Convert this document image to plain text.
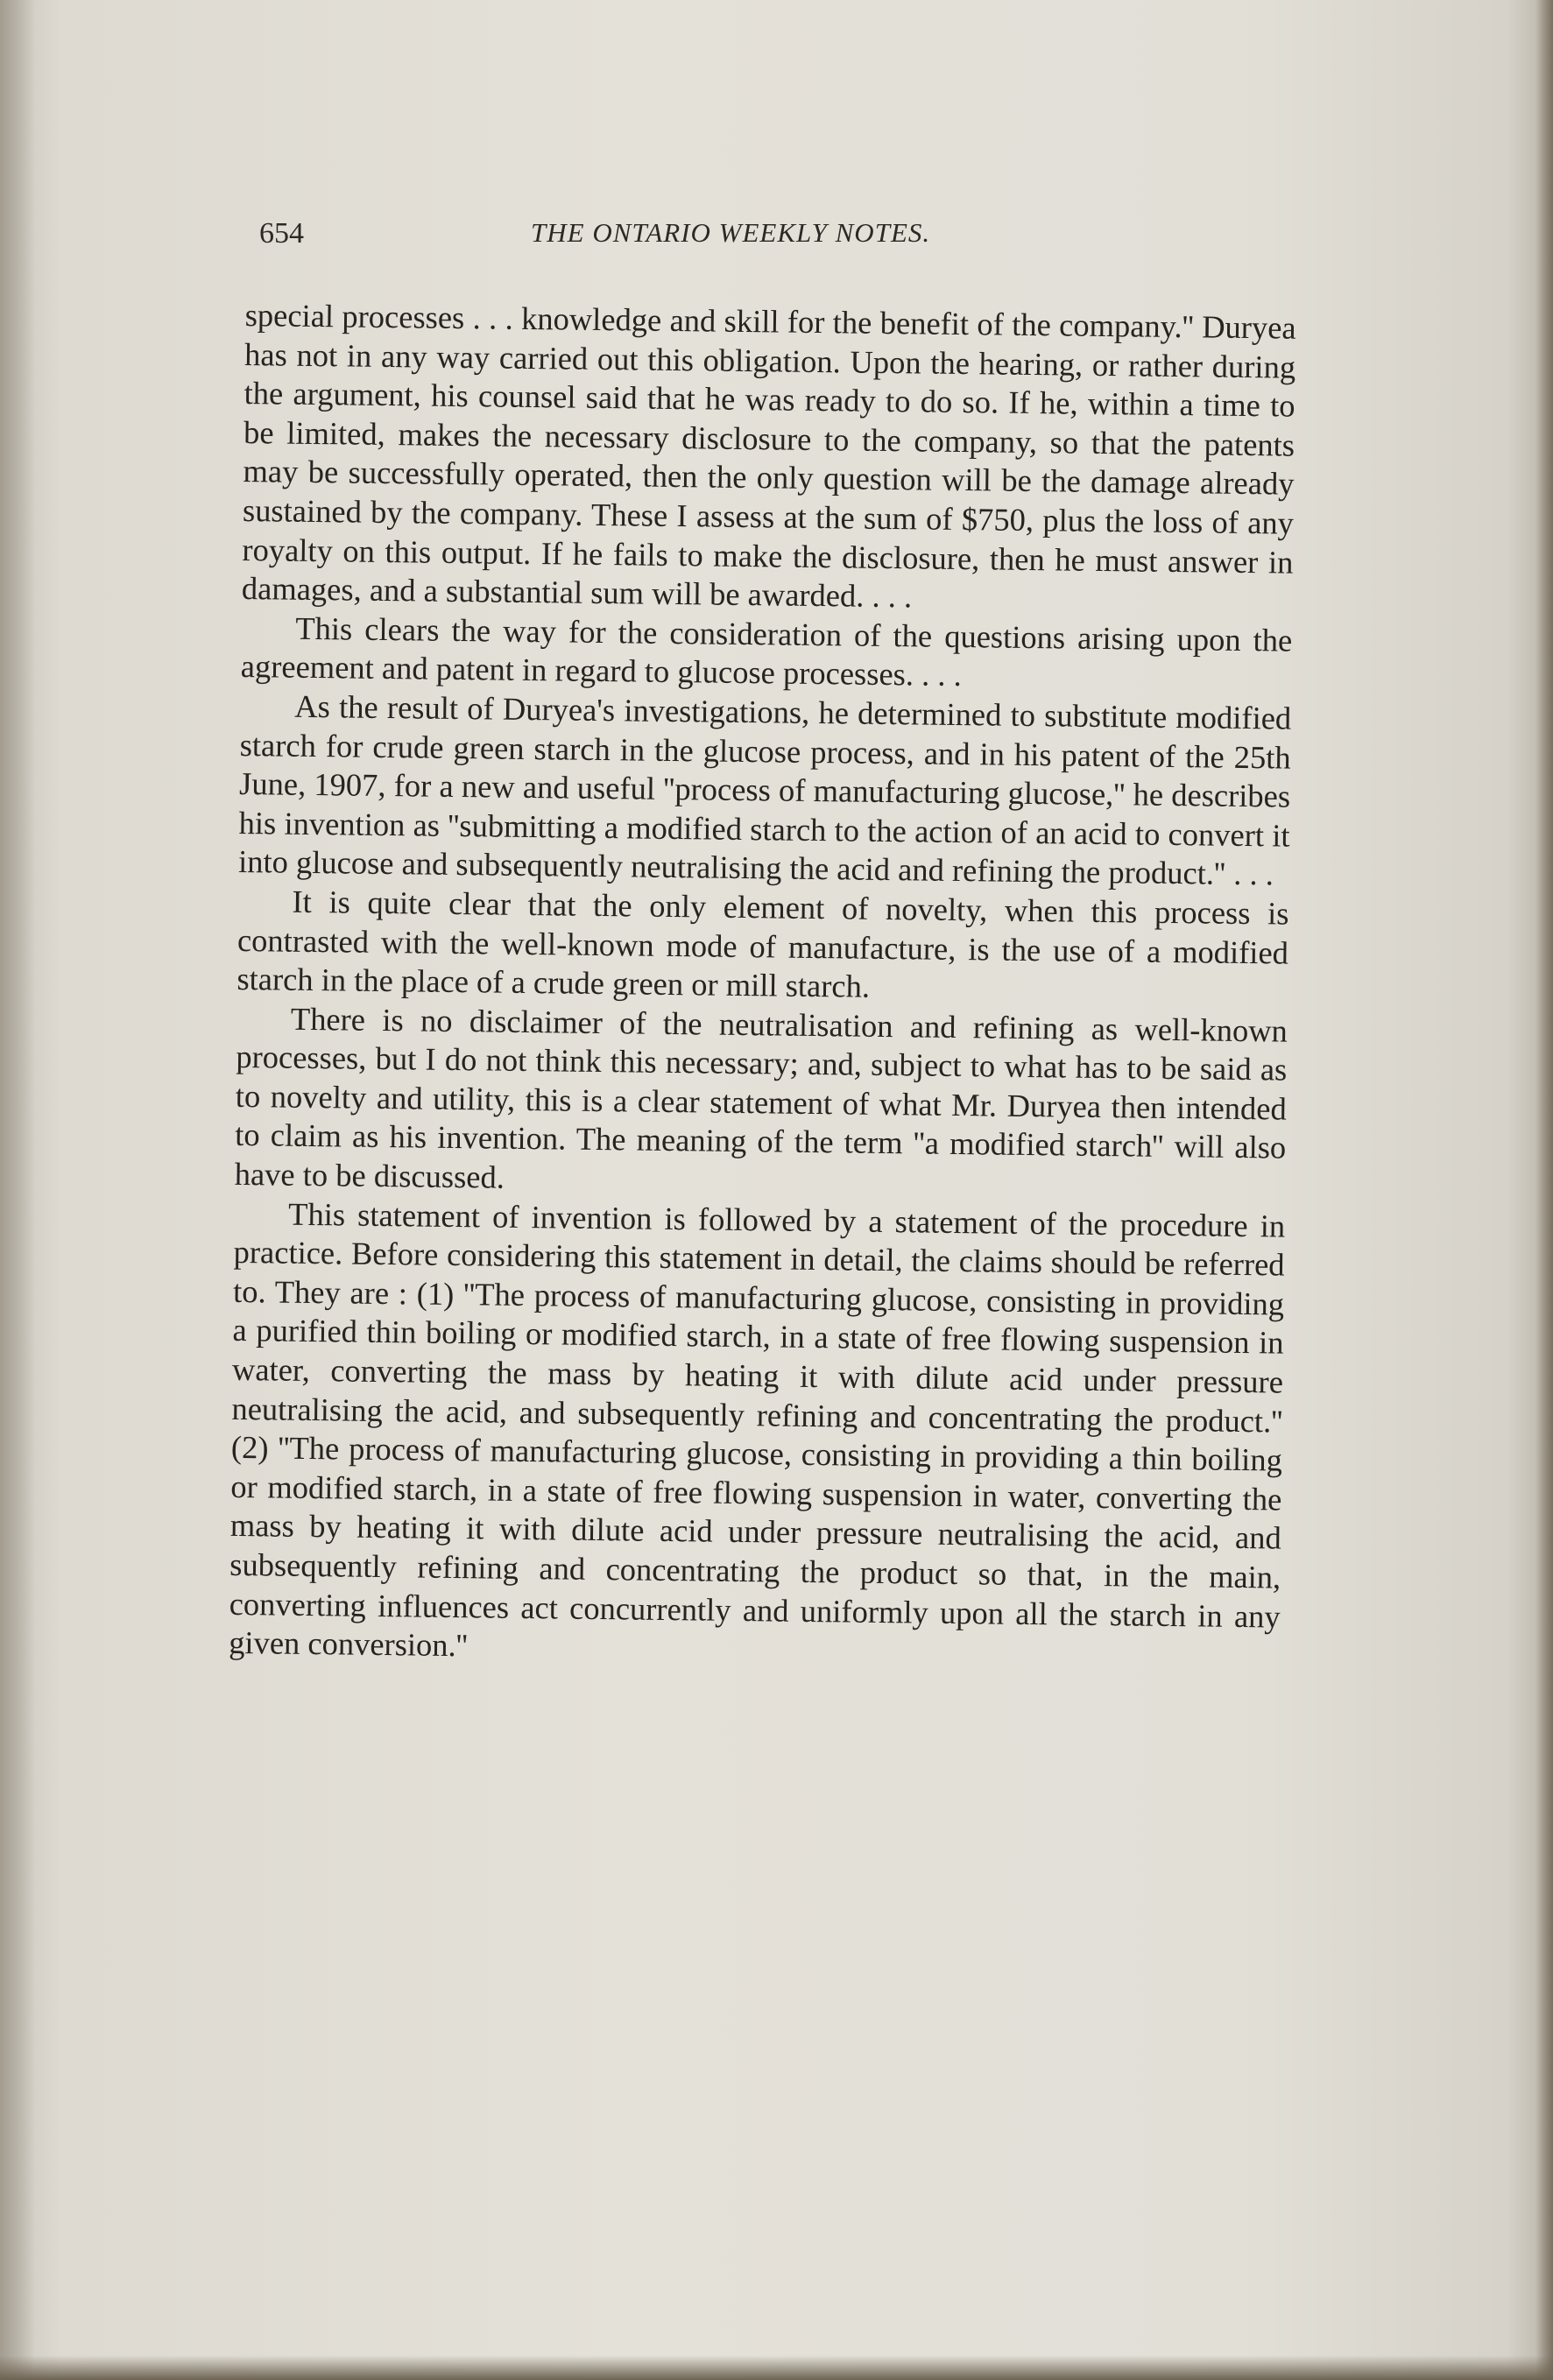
654	THE ONTARIO WEEKLY NOTES.

special processes . . . knowledge and skill for the benefit of the company.'' Duryea has not in any way carried out this obligation. Upon the hearing, or rather during the argument, his counsel said that he was ready to do so. If he, within a time to be limited, makes the necessary disclosure to the company, so that the patents may be successfully operated, then the only question will be the damage already sustained by the company. These I assess at the sum of $750, plus the loss of any royalty on this output. If he fails to make the disclosure, then he must answer in damages, and a substantial sum will be awarded. . . .

This clears the way for the consideration of the questions arising upon the agreement and patent in regard to glucose processes. . . .

As the result of Duryea's investigations, he determined to substitute modified starch for crude green starch in the glucose process, and in his patent of the 25th June, 1907, for a new and useful ''process of manufacturing glucose,'' he describes his invention as ''submitting a modified starch to the action of an acid to convert it into glucose and subsequently neutralising the acid and refining the product.'' . . .

It is quite clear that the only element of novelty, when this process is contrasted with the well-known mode of manufacture, is the use of a modified starch in the place of a crude green or mill starch.

There is no disclaimer of the neutralisation and refining as well-known processes, but I do not think this necessary; and, subject to what has to be said as to novelty and utility, this is a clear statement of what Mr. Duryea then intended to claim as his invention. The meaning of the term ''a modified starch'' will also have to be discussed.

This statement of invention is followed by a statement of the procedure in practice. Before considering this statement in detail, the claims should be referred to. They are : (1) ''The process of manufacturing glucose, consisting in providing a purified thin boiling or modified starch, in a state of free flowing suspension in water, converting the mass by heating it with dilute acid under pressure neutralising the acid, and subsequently refining and concentrating the product.'' (2) ''The process of manufacturing glucose, consisting in providing a thin boiling or modified starch, in a state of free flowing suspension in water, converting the mass by heating it with dilute acid under pressure neutralising the acid, and subsequently refining and concentrating the product so that, in the main, converting influences act concurrently and uniformly upon all the starch in any given conversion.''
